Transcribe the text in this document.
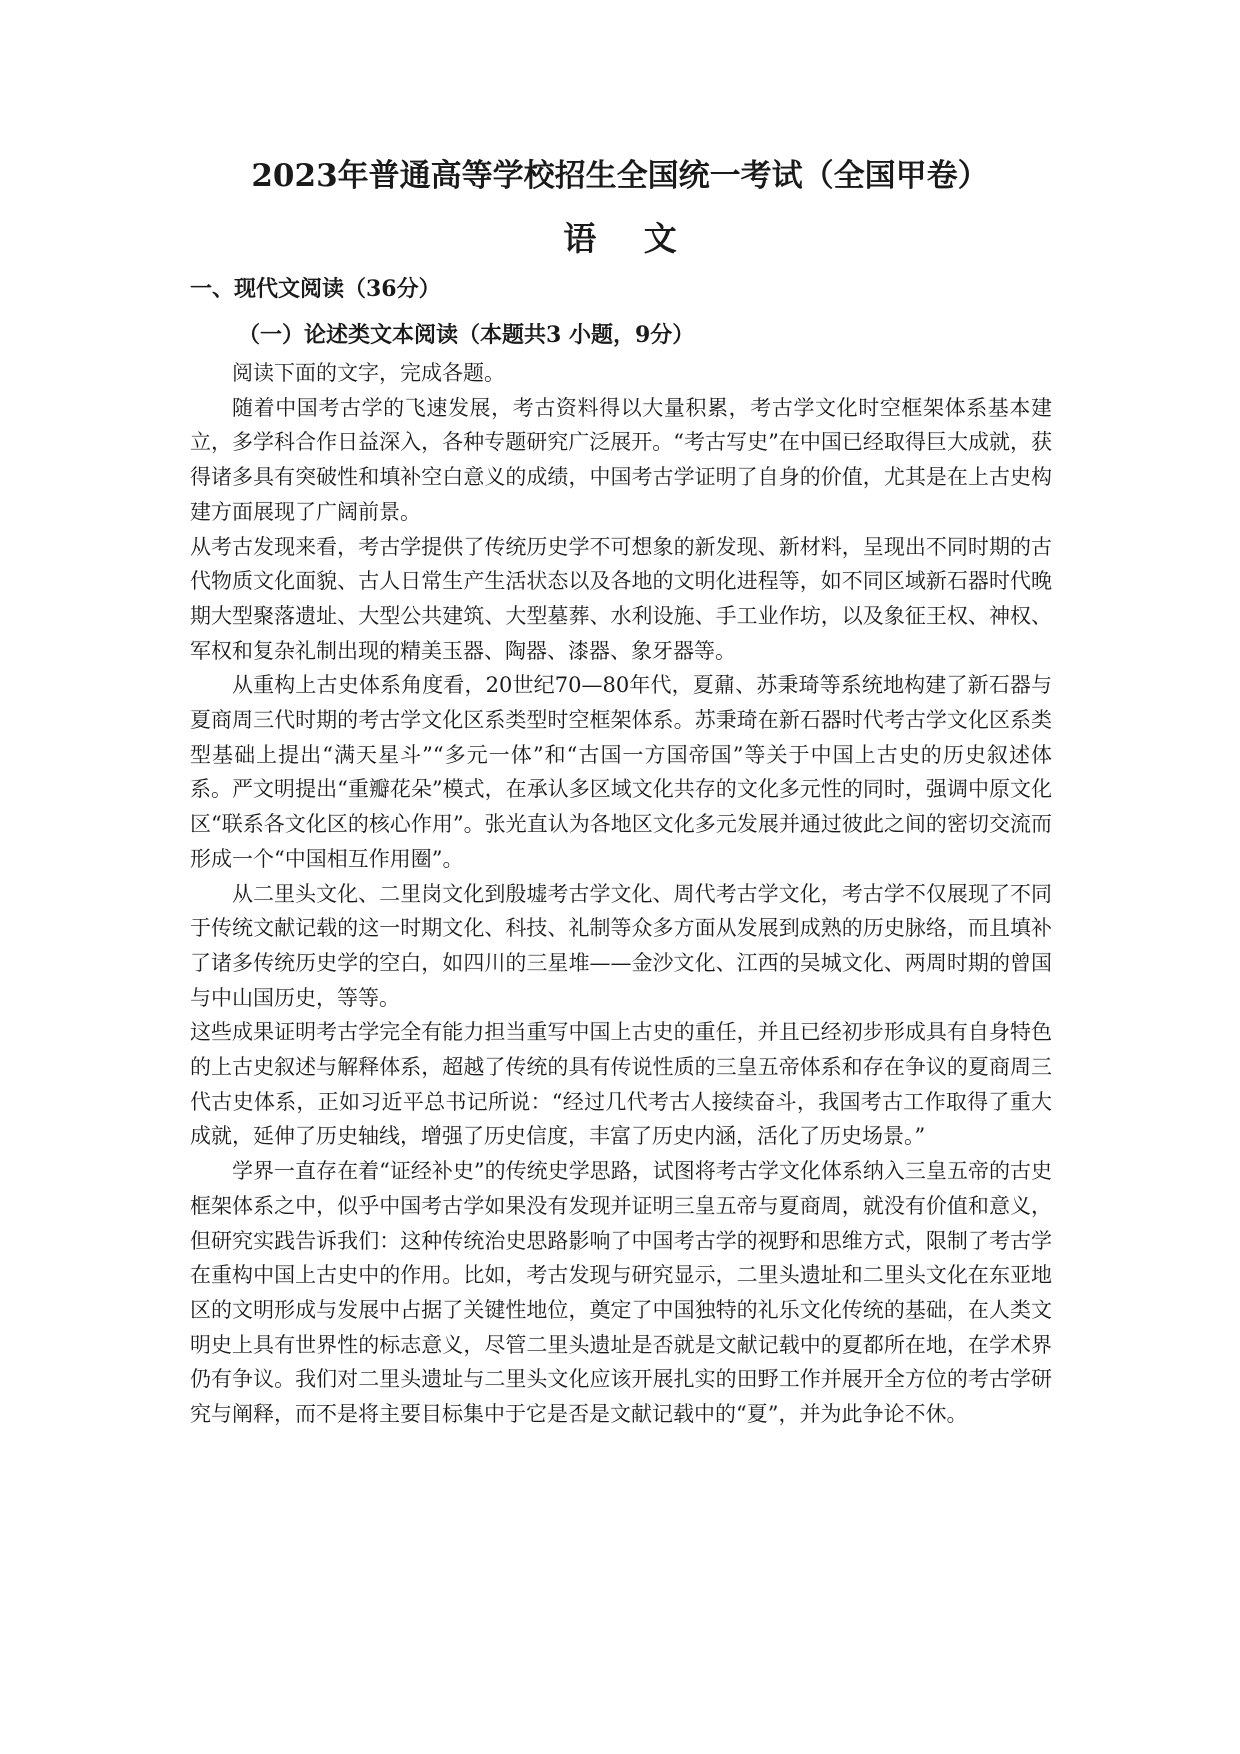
2023年普通高等学校招生全国统一考试（全国甲卷）
语 文
一、现代文阅读（36分）
（一）论述类文本阅读（本题共3 小题，9分）

阅读下面的文字，完成各题。

随着中国考古学的飞速发展，考古资料得以大量积累，考古学文化时空框架体系基本建立，多学科合作日益深入，各种专题研究广泛展开。“考古写史”在中国已经取得巨大成就，获得诸多具有突破性和填补空白意义的成绩，中国考古学证明了自身的价值，尤其是在上古史构建方面展现了广阔前景。

从考古发现来看，考古学提供了传统历史学不可想象的新发现、新材料，呈现出不同时期的古代物质文化面貌、古人日常生产生活状态以及各地的文明化进程等，如不同区域新石器时代晚期大型聚落遗址、大型公共建筑、大型墓葬、水利设施、手工业作坊，以及象征王权、神权、军权和复杂礼制出现的精美玉器、陶器、漆器、象牙器等。

从重构上古史体系角度看，20世纪70—80年代，夏鼐、苏秉琦等系统地构建了新石器与夏商周三代时期的考古学文化区系类型时空框架体系。苏秉琦在新石器时代考古学文化区系类型基础上提出“满天星斗”“多元一体”和“古国一方国帝国”等关于中国上古史的历史叙述体系。严文明提出“重瓣花朵”模式，在承认多区域文化共存的文化多元性的同时，强调中原文化区“联系各文化区的核心作用”。张光直认为各地区文化多元发展并通过彼此之间的密切交流而形成一个“中国相互作用圈”。

从二里头文化、二里岗文化到殷墟考古学文化、周代考古学文化，考古学不仅展现了不同于传统文献记载的这一时期文化、科技、礼制等众多方面从发展到成熟的历史脉络，而且填补了诸多传统历史学的空白，如四川的三星堆——金沙文化、江西的吴城文化、两周时期的曾国与中山国历史，等等。

这些成果证明考古学完全有能力担当重写中国上古史的重任，并且已经初步形成具有自身特色的上古史叙述与解释体系，超越了传统的具有传说性质的三皇五帝体系和存在争议的夏商周三代古史体系，正如习近平总书记所说：“经过几代考古人接续奋斗，我国考古工作取得了重大成就，延伸了历史轴线，增强了历史信度，丰富了历史内涵，活化了历史场景。”

学界一直存在着“证经补史”的传统史学思路，试图将考古学文化体系纳入三皇五帝的古史框架体系之中，似乎中国考古学如果没有发现并证明三皇五帝与夏商周，就没有价值和意义，但研究实践告诉我们：这种传统治史思路影响了中国考古学的视野和思维方式，限制了考古学在重构中国上古史中的作用。比如，考古发现与研究显示，二里头遗址和二里头文化在东亚地区的文明形成与发展中占据了关键性地位，奠定了中国独特的礼乐文化传统的基础，在人类文明史上具有世界性的标志意义，尽管二里头遗址是否就是文献记载中的夏都所在地，在学术界仍有争议。我们对二里头遗址与二里头文化应该开展扎实的田野工作并展开全方位的考古学研究与阐释，而不是将主要目标集中于它是否是文献记载中的“夏”，并为此争论不休。
